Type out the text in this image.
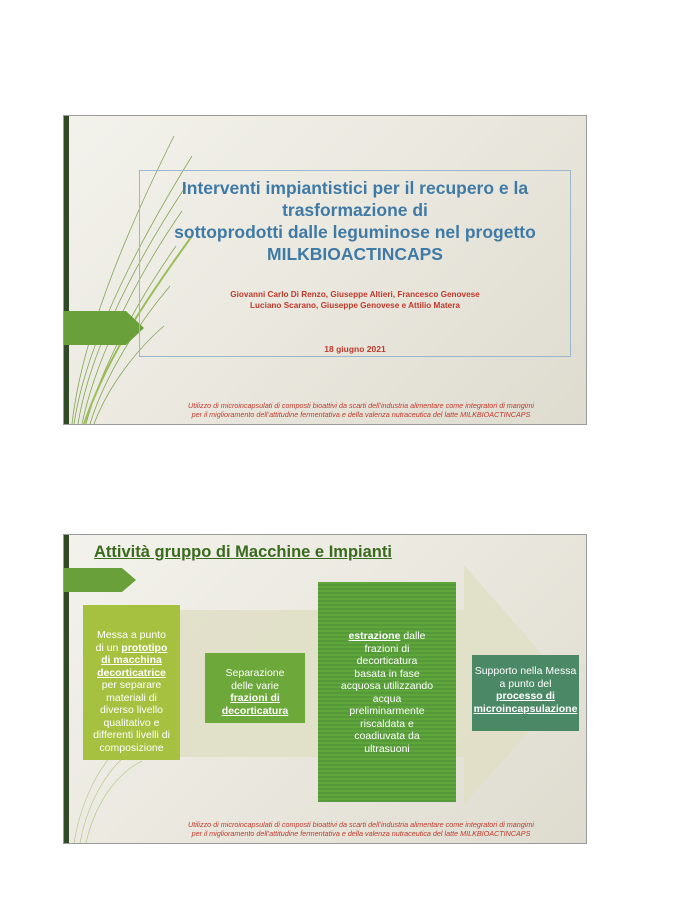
Interventi impiantistici per il recupero e la
trasformazione di
sottoprodotti dalle leguminose nel progetto
MILKBIOACTINCAPS
Giovanni Carlo Di Renzo, Giuseppe Altieri, Francesco Genovese
Luciano Scarano, Giuseppe Genovese e Attilio Matera
18 giugno 2021
Utilizzo di microincapsulati di composti bioattivi da scarti dell’industria alimentare come integratori di mangimi
per il miglioramento dell’attitudine fermentativa e della valenza nutraceutica del latte MILKBIOACTINCAPS
Attività gruppo di Macchine e Impianti
Messa a punto
di un prototipo
di macchina
decorticatrice
per separare
materiali di
diverso livello
qualitativo e
differenti livelli di
composizione
Separazione
delle varie
frazioni di
decorticatura
estrazione dalle
frazioni di
decorticatura
basata in fase
acquosa utilizzando
acqua
preliminarmente
riscaldata e
coadiuvata da
ultrasuoni
Supporto nella Messa
a punto del
processo di
microincapsulazione
Utilizzo di microincapsulati di composti bioattivi da scarti dell’industria alimentare come integratori di mangimi
per il miglioramento dell’attitudine fermentativa e della valenza nutraceutica del latte MILKBIOACTINCAPS
